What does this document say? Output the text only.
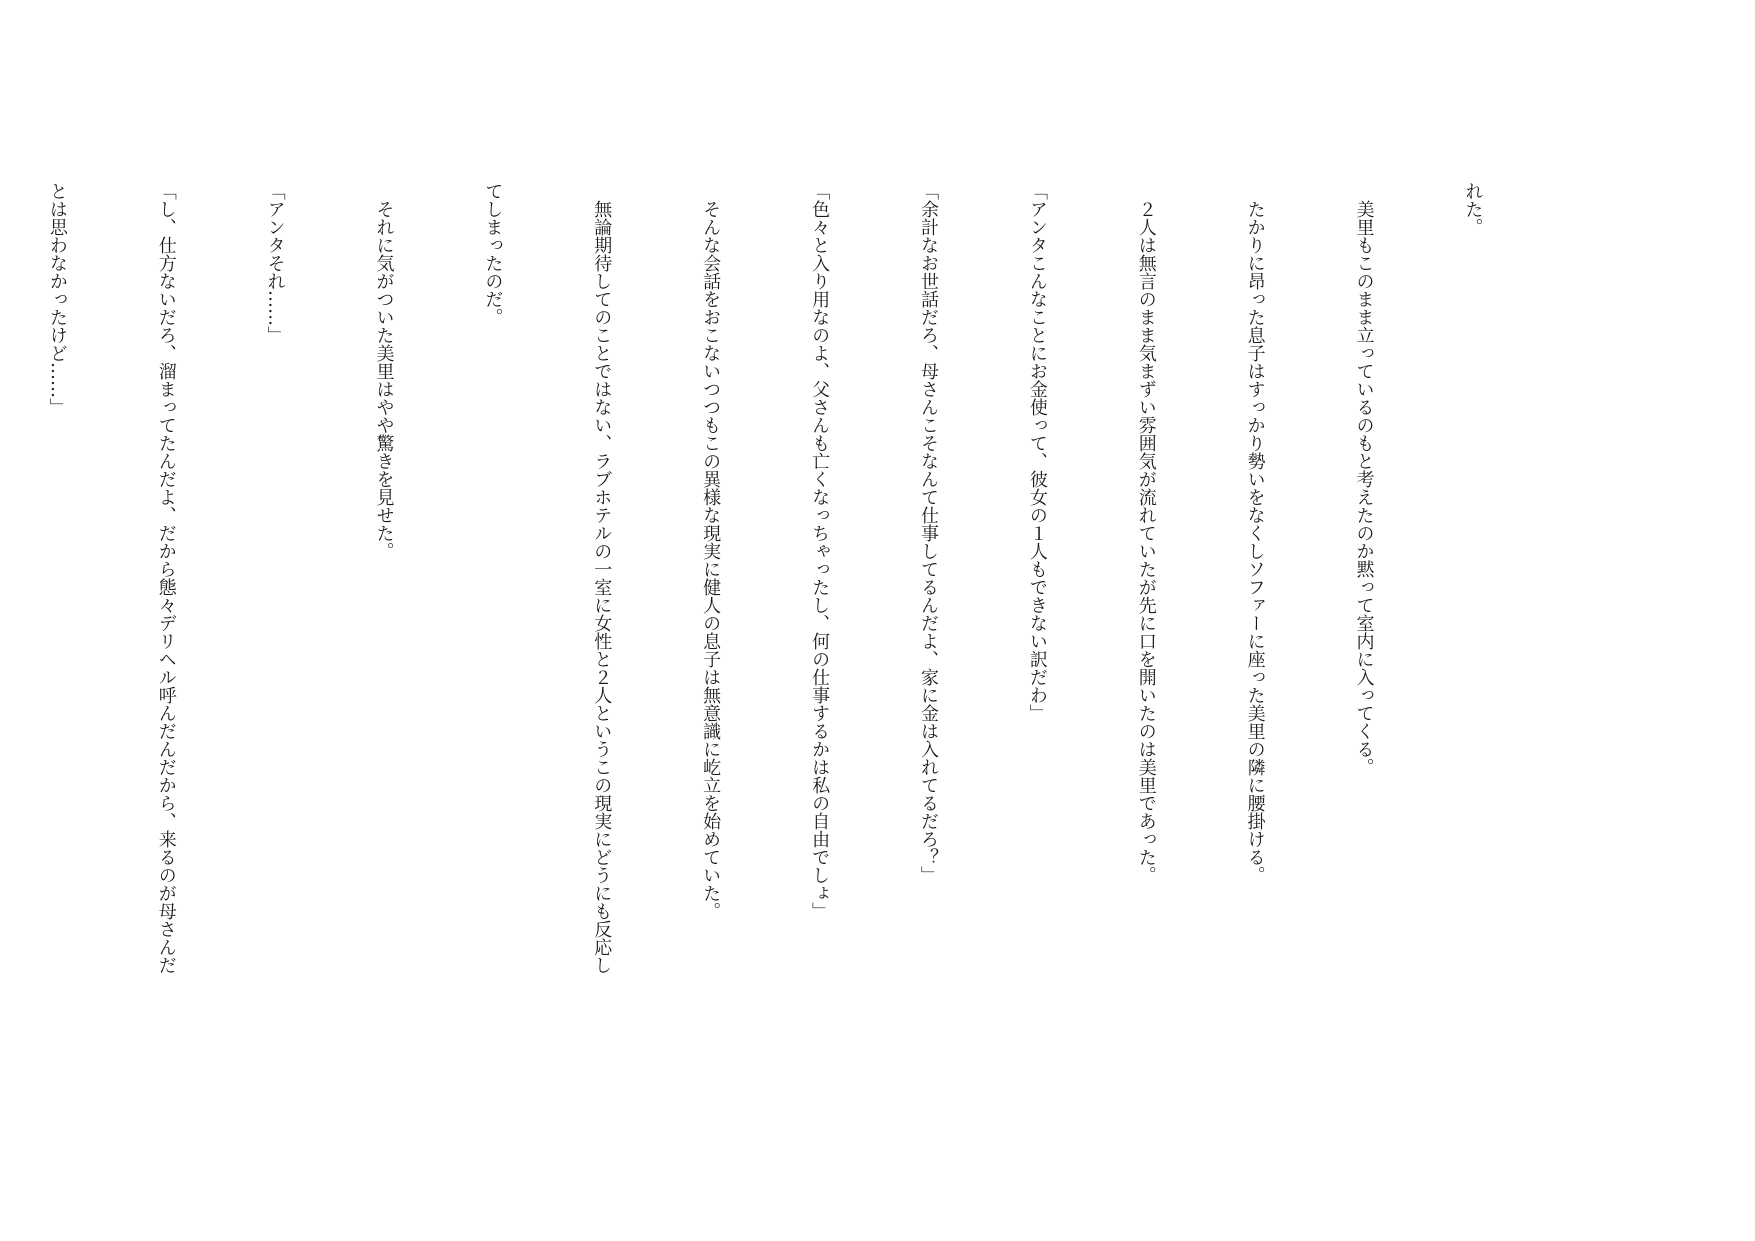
れた。

　美里もこのまま立っているのもと考えたのか黙って室内に入ってくる。

　たかりに昂った息子はすっかり勢いをなくしソファーに座った美里の隣に腰掛ける。

　２人は無言のまま気まずい雰囲気が流れていたが先に口を開いたのは美里であった。

「アンタこんなことにお金使って、彼女の１人もできない訳だわ」

「余計なお世話だろ、母さんこそなんて仕事してるんだよ、家に金は入れてるだろ？」

「色々と入り用なのよ、父さんも亡くなっちゃったし、何の仕事するかは私の自由でしょ」

　そんな会話をおこないつつもこの異様な現実に健人の息子は無意識に屹立を始めていた。

　無論期待してのことではない、ラブホテルの一室に女性と２人というこの現実にどうにも反応し

てしまったのだ。

　それに気がついた美里はやや驚きを見せた。

「アンタそれ……」

「し、仕方ないだろ、溜まってたんだよ、だから態々デリヘル呼んだんだから、来るのが母さんだ

とは思わなかったけど……」
